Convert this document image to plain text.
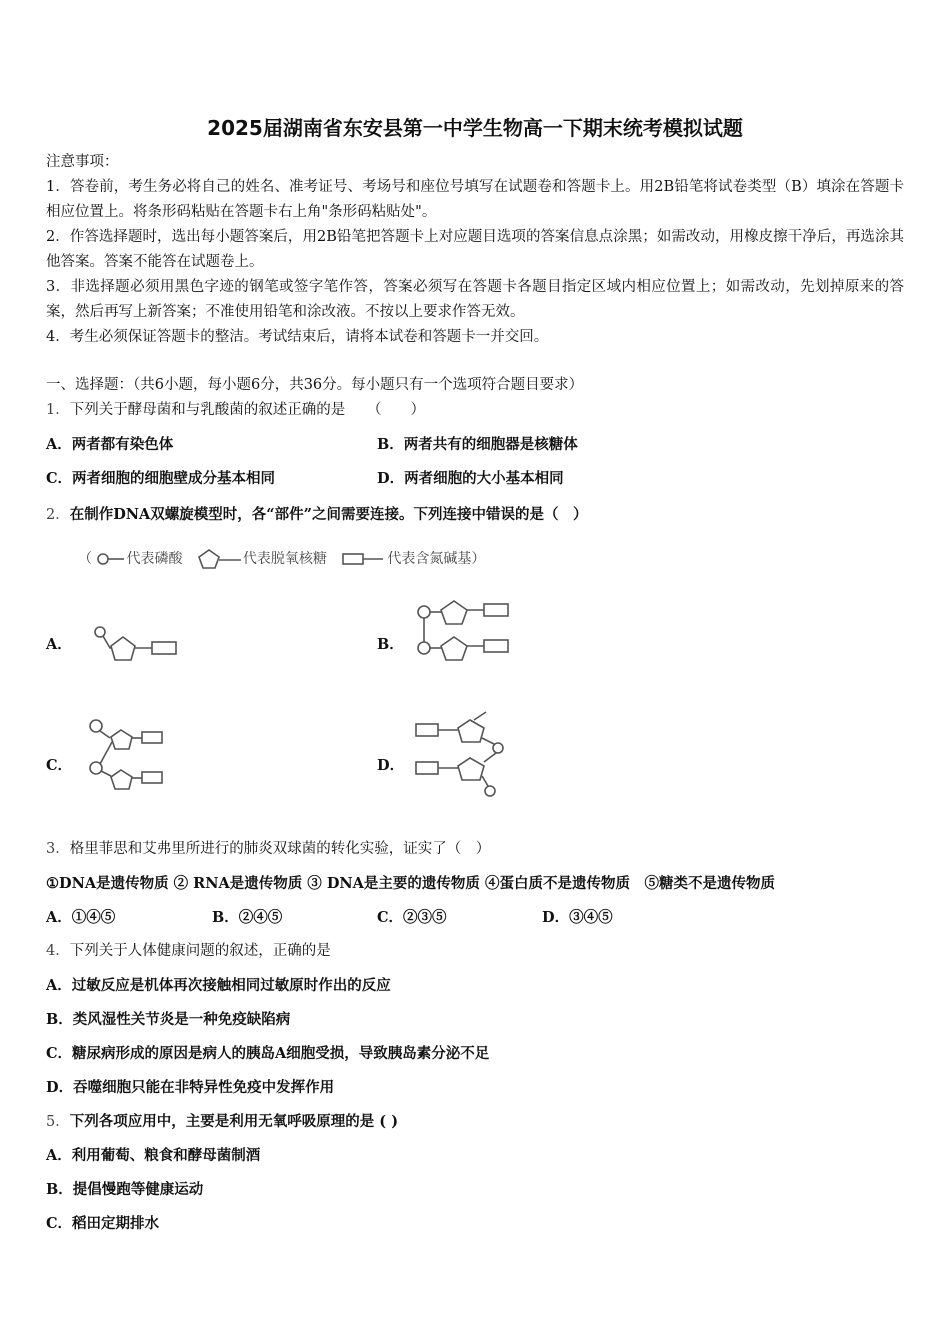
2025届湖南省东安县第一中学生物高一下期末统考模拟试题
注意事项：
1．答卷前，考生务必将自己的姓名、准考证号、考场号和座位号填写在试题卷和答题卡上。用2B铅笔将试卷类型（B）填涂在答题卡相应位置上。将条形码粘贴在答题卡右上角"条形码粘贴处"。
2．作答选择题时，选出每小题答案后，用2B铅笔把答题卡上对应题目选项的答案信息点涂黑；如需改动，用橡皮擦干净后，再选涂其他答案。答案不能答在试题卷上。
3．非选择题必须用黑色字迹的钢笔或签字笔作答，答案必须写在答题卡各题目指定区域内相应位置上；如需改动，先划掉原来的答案，然后再写上新答案；不准使用铅笔和涂改液。不按以上要求作答无效。
4．考生必须保证答题卡的整洁。考试结束后，请将本试卷和答题卡一并交回。
一、选择题：（共6小题，每小题6分，共36分。每小题只有一个选项符合题目要求）
1．下列关于酵母菌和与乳酸菌的叙述正确的是　　（　　）
A．两者都有染色体	B．两者共有的细胞器是核糖体
C．两者细胞的细胞壁成分基本相同	D．两者细胞的大小基本相同
2．在制作DNA双螺旋模型时，各“部件”之间需要连接。下列连接中错误的是（　）
（ 代表磷酸	代表脱氧核糖	代表含氮碱基）
A．	B．
C．	D．
3．格里菲思和艾弗里所进行的肺炎双球菌的转化实验，证实了（　）
①DNA是遗传物质 ② RNA是遗传物质 ③ DNA是主要的遗传物质 ④蛋白质不是遗传物质　⑤糖类不是遗传物质
A．①④⑤	B．②④⑤	C．②③⑤	D．③④⑤
4．下列关于人体健康问题的叙述，正确的是
A．过敏反应是机体再次接触相同过敏原时作出的反应
B．类风湿性关节炎是一种免疫缺陷病
C．糖尿病形成的原因是病人的胰岛A细胞受损，导致胰岛素分泌不足
D．吞噬细胞只能在非特异性免疫中发挥作用
5．下列各项应用中，主要是利用无氧呼吸原理的是 ( )
A．利用葡萄、粮食和酵母菌制酒
B．提倡慢跑等健康运动
C．稻田定期排水
